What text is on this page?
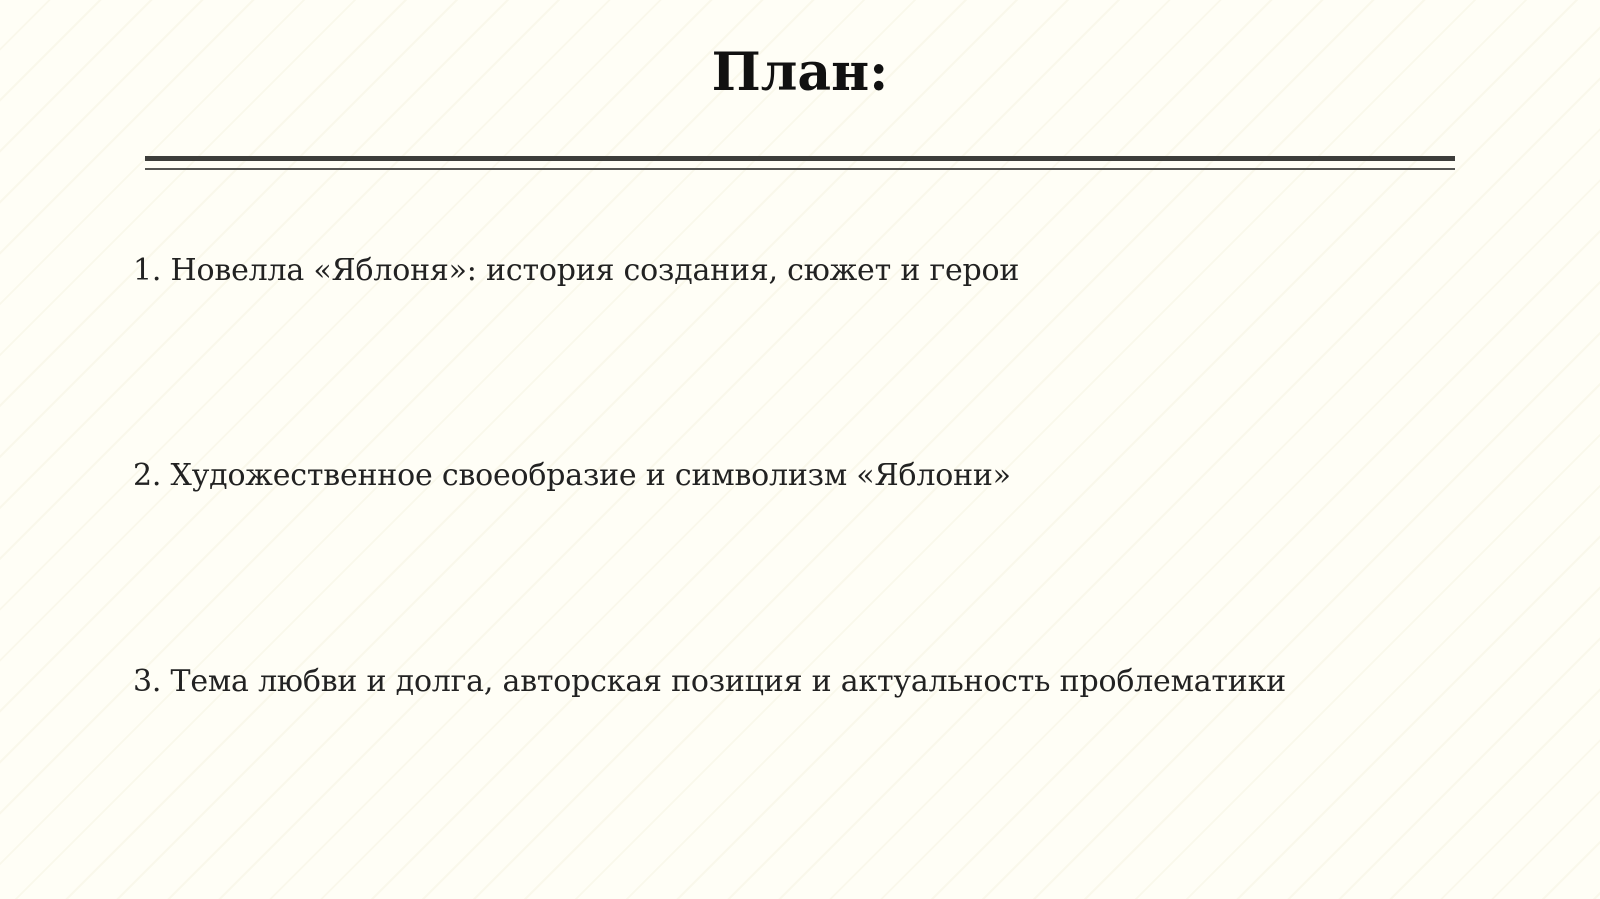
План:
1. Новелла «Яблоня»: история создания, сюжет и герои
2. Художественное своеобразие и символизм «Яблони»
3. Тема любви и долга, авторская позиция и актуальность проблематики
